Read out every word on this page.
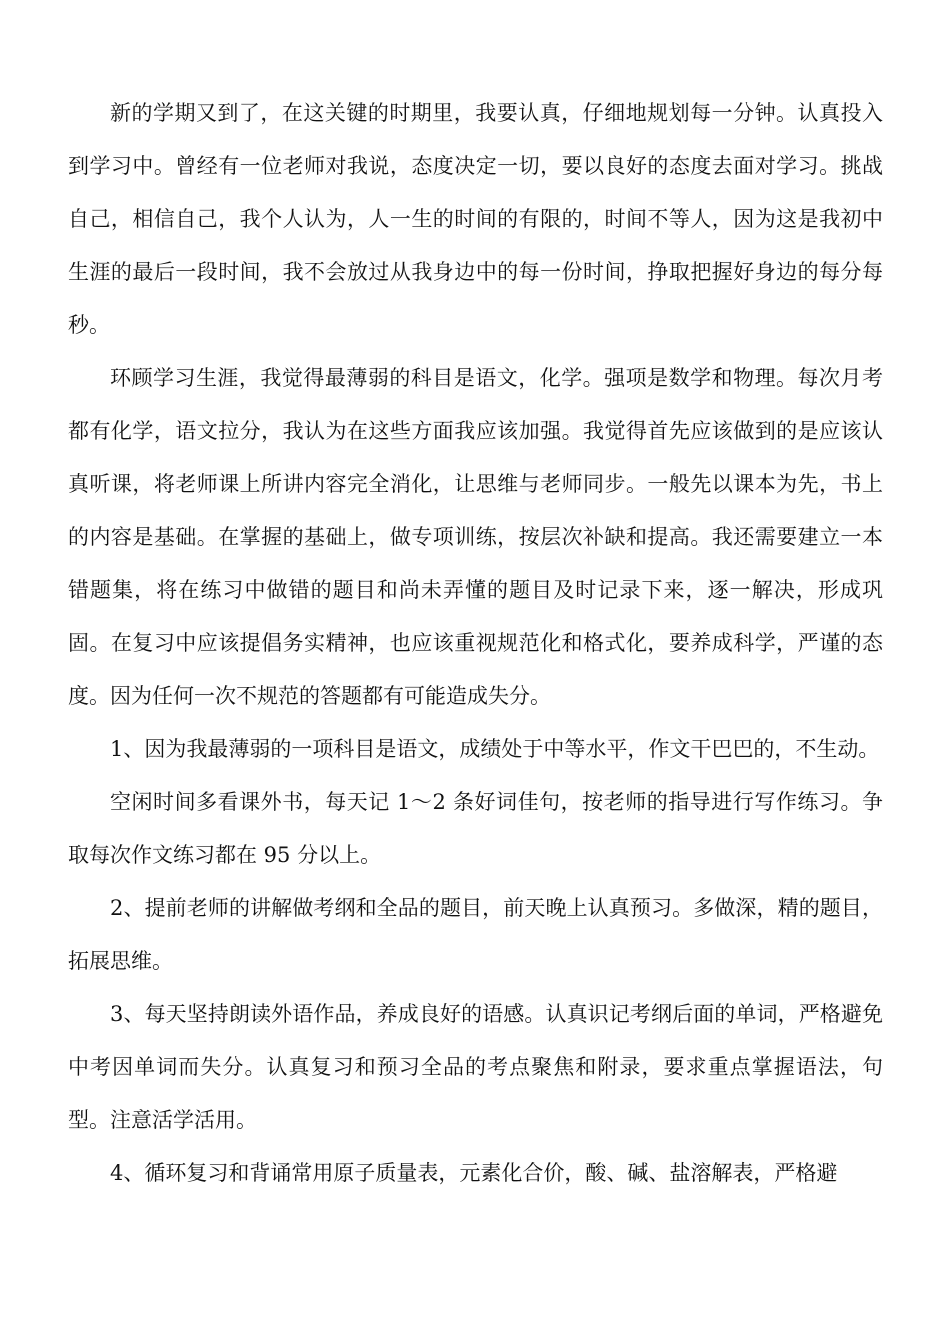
新的学期又到了，在这关键的时期里，我要认真，仔细地规划每一分钟。认真投入到学习中。曾经有一位老师对我说，态度决定一切，要以良好的态度去面对学习。挑战自己，相信自己，我个人认为，人一生的时间的有限的，时间不等人，因为这是我初中生涯的最后一段时间，我不会放过从我身边中的每一份时间，挣取把握好身边的每分每秒。

环顾学习生涯，我觉得最薄弱的科目是语文，化学。强项是数学和物理。每次月考都有化学，语文拉分，我认为在这些方面我应该加强。我觉得首先应该做到的是应该认真听课，将老师课上所讲内容完全消化，让思维与老师同步。一般先以课本为先，书上的内容是基础。在掌握的基础上，做专项训练，按层次补缺和提高。我还需要建立一本错题集，将在练习中做错的题目和尚未弄懂的题目及时记录下来，逐一解决，形成巩固。在复习中应该提倡务实精神，也应该重视规范化和格式化，要养成科学，严谨的态度。因为任何一次不规范的答题都有可能造成失分。

1、因为我最薄弱的一项科目是语文，成绩处于中等水平，作文干巴巴的，不生动。

空闲时间多看课外书，每天记 1～2 条好词佳句，按老师的指导进行写作练习。争取每次作文练习都在 95 分以上。

2、提前老师的讲解做考纲和全品的题目，前天晚上认真预习。多做深，精的题目，拓展思维。

3、每天坚持朗读外语作品，养成良好的语感。认真识记考纲后面的单词，严格避免中考因单词而失分。认真复习和预习全品的考点聚焦和附录，要求重点掌握语法，句型。注意活学活用。

4、循环复习和背诵常用原子质量表，元素化合价，酸、碱、盐溶解表，严格避
